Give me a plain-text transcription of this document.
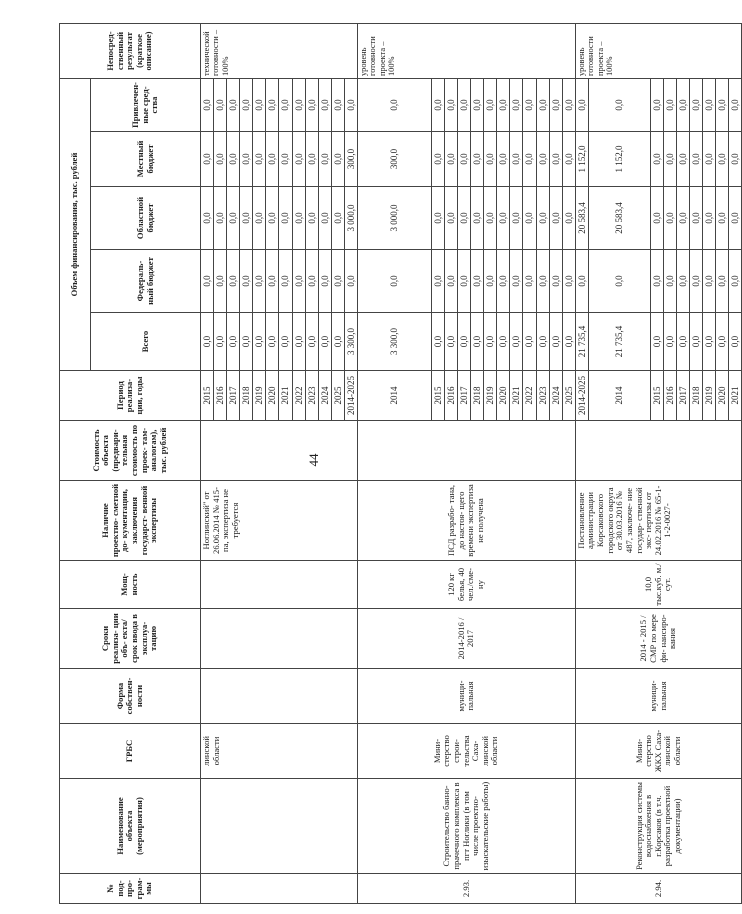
44
№ под- про- грам- мы	Наименование объекта (мероприятия)	ГРБС	Форма собствен- ности	Сроки реализа- ции объ- екта/срок ввода в эксплуа- тацию	Мощ- ность	Наличие проектно- сметной до- кументации, заключения государст- венной экспертизы	Стоимость объекта (предвари- тельная стоимость по проек- там- аналогам), тыс. рублей	Период реализа- ции, годы	Объем финансирования, тыс. рублей					Непосред- ственный результат (краткое описание)
									Всего	Федераль- ный бюджет	Областной бюджет	Местный бюджет	Привлечен- ные сред- ства	
		линской области				Ноглинский" от 26.06.2014 № 415-па, экспертиза не требуется		2015	0,0	0,0	0,0	0,0	0,0	технической готовности – 100%
								2016	0,0	0,0	0,0	0,0	0,0	
								2017	0,0	0,0	0,0	0,0	0,0	
								2018	0,0	0,0	0,0	0,0	0,0	
								2019	0,0	0,0	0,0	0,0	0,0	
								2020	0,0	0,0	0,0	0,0	0,0	
								2021	0,0	0,0	0,0	0,0	0,0	
								2022	0,0	0,0	0,0	0,0	0,0	
								2023	0,0	0,0	0,0	0,0	0,0	
								2024	0,0	0,0	0,0	0,0	0,0	
								2025	0,0	0,0	0,0	0,0	0,0	
								2014-2025	3 300,0	0,0	3 000,0	300,0	0,0	
2.93.	Строительство банно-прачечного комплекса в пгт Ноглики (в том числе проектно-изыскательские работы)	Мини- стерство строи- тельства Саха- линской области	муници- пальная	2014-2016 / 2017	120 кг белья, 40 чел./сме- ну	ПСД разрабо- тана, до настоя- щего времени экспертиза не получена		2014	3 300,0	0,0	3 000,0	300,0	0,0	уровень готовности проекта – 100%
								2015	0,0	0,0	0,0	0,0	0,0	
								2016	0,0	0,0	0,0	0,0	0,0	
								2017	0,0	0,0	0,0	0,0	0,0	
								2018	0,0	0,0	0,0	0,0	0,0	
								2019	0,0	0,0	0,0	0,0	0,0	
								2020	0,0	0,0	0,0	0,0	0,0	
								2021	0,0	0,0	0,0	0,0	0,0	
								2022	0,0	0,0	0,0	0,0	0,0	
								2023	0,0	0,0	0,0	0,0	0,0	
								2024	0,0	0,0	0,0	0,0	0,0	
								2025	0,0	0,0	0,0	0,0	0,0	
2.94.	Реконструкция системы водоснабжения в г.Корсаков (в т.ч. разработка проектной документации)	Мини- стерство ЖКХ Саха- линской области	муници- пальная	2014 - 2015 / СМР по мере фи- нансиро- вания	10,0 тыс.куб. м./сут.	Постановление администрации Корсаковского городского округа от 30.03.2016 № 487, заключе- ние государ- ственной экс- пертизы от 24.02.2016 № 65-1-1-2-0027-		2014-2025	21 735,4	0,0	20 583,4	1 152,0	0,0	уровень готовности проекта – 100%
								2014	21 735,4	0,0	20 583,4	1 152,0	0,0	
								2015	0,0	0,0	0,0	0,0	0,0	
								2016	0,0	0,0	0,0	0,0	0,0	
								2017	0,0	0,0	0,0	0,0	0,0	
								2018	0,0	0,0	0,0	0,0	0,0	
								2019	0,0	0,0	0,0	0,0	0,0	
								2020	0,0	0,0	0,0	0,0	0,0	
								2021	0,0	0,0	0,0	0,0	0,0	
